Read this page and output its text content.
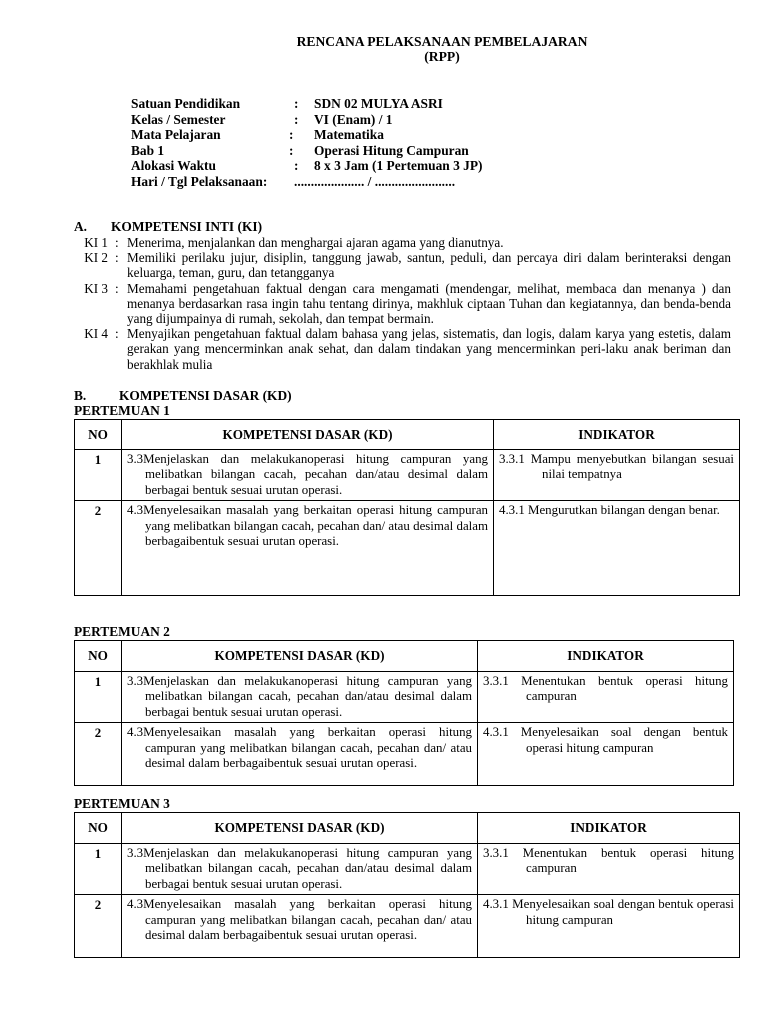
RENCANA PELAKSANAAN PEMBELAJARAN
(RPP)
Satuan Pendidikan	:	SDN 02 MULYA ASRI
Kelas / Semester	:	VI (Enam) / 1
Mata Pelajaran	:	Matematika
Bab 1	:	Operasi Hitung Campuran
Alokasi Waktu	:	8 x 3 Jam (1 Pertemuan 3 JP)
Hari / Tgl Pelaksanaan:	..................... / ........................
A. KOMPETENSI INTI (KI)
KI 1 : Menerima, menjalankan dan menghargai ajaran agama yang dianutnya.
KI 2 : Memiliki perilaku jujur, disiplin, tanggung jawab, santun, peduli, dan percaya diri dalam berinteraksi dengan keluarga, teman, guru, dan tetangganya
KI 3 : Memahami pengetahuan faktual dengan cara mengamati (mendengar, melihat, membaca dan menanya ) dan menanya berdasarkan rasa ingin tahu tentang dirinya, makhluk ciptaan Tuhan dan kegiatannya, dan benda-benda yang dijumpainya di rumah, sekolah, dan tempat bermain.
KI 4 : Menyajikan pengetahuan faktual dalam bahasa yang jelas, sistematis, dan logis, dalam karya yang estetis, dalam gerakan yang mencerminkan anak sehat, dan dalam tindakan yang mencerminkan peri-laku anak beriman dan berakhlak mulia
B. KOMPETENSI DASAR (KD)
PERTEMUAN 1
NO	KOMPETENSI DASAR (KD)	INDIKATOR
1	3.3Menjelaskan dan melakukanoperasi hitung campuran yang melibatkan bilangan cacah, pecahan dan/atau desimal dalam berbagai bentuk sesuai urutan operasi.	3.3.1 Mampu menyebutkan bilangan sesuai nilai tempatnya

2	4.3Menyelesaikan masalah yang berkaitan operasi hitung campuran yang melibatkan bilangan cacah, pecahan dan/ atau desimal dalam berbagaibentuk sesuai urutan operasi.	4.3.1 Mengurutkan bilangan dengan benar.
PERTEMUAN 2
NO	KOMPETENSI DASAR (KD)	INDIKATOR
1	3.3Menjelaskan dan melakukanoperasi hitung campuran yang melibatkan bilangan cacah, pecahan dan/atau desimal dalam berbagai bentuk sesuai urutan operasi.	3.3.1 Menentukan bentuk operasi hitung campuran

2	4.3Menyelesaikan masalah yang berkaitan operasi hitung campuran yang melibatkan bilangan cacah, pecahan dan/ atau desimal dalam berbagaibentuk sesuai urutan operasi.	4.3.1 Menyelesaikan soal dengan bentuk operasi hitung campuran
PERTEMUAN 3
NO	KOMPETENSI DASAR (KD)	INDIKATOR
1	3.3Menjelaskan dan melakukanoperasi hitung campuran yang melibatkan bilangan cacah, pecahan dan/atau desimal dalam berbagai bentuk sesuai urutan operasi.	3.3.1 Menentukan bentuk operasi hitung campuran

2	4.3Menyelesaikan masalah yang berkaitan operasi hitung campuran yang melibatkan bilangan cacah, pecahan dan/ atau desimal dalam berbagaibentuk sesuai urutan operasi.	4.3.1 Menyelesaikan soal dengan bentuk operasi hitung campuran
